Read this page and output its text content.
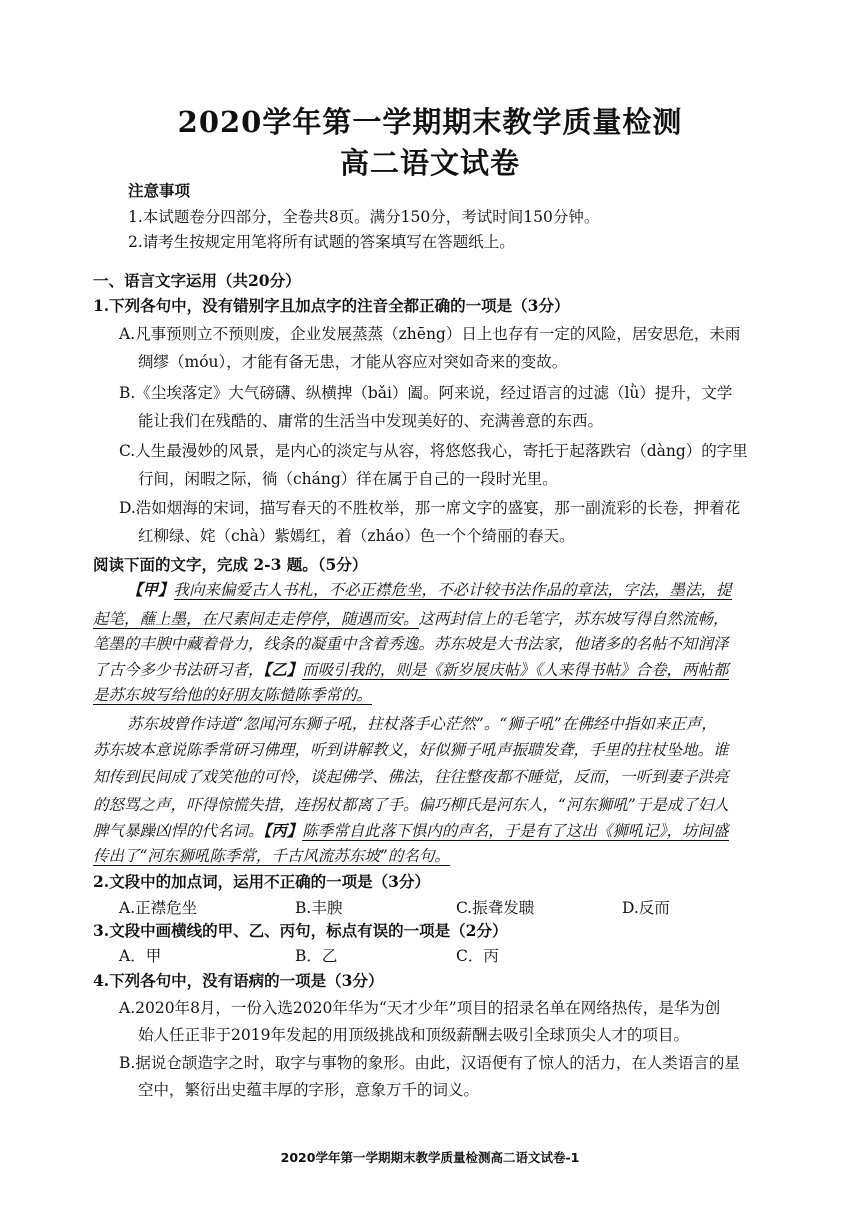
2020学年第一学期期末教学质量检测
高二语文试卷
注意事项
1.本试题卷分四部分，全卷共8页。满分150分，考试时间150分钟。
2.请考生按规定用笔将所有试题的答案填写在答题纸上。
一、语言文字运用（共20分）
1.下列各句中，没有错别字且加点字的注音全都正确的一项是（3分）
A.凡事预则立不预则废，企业发展蒸蒸（zhēng）日上也存有一定的风险，居安思危，未雨
绸缪（móu），才能有备无患，才能从容应对突如奇来的变故。
B.《尘埃落定》大气磅礴、纵横捭（bǎi）阖。阿来说，经过语言的过滤（lǜ）提升，文学
能让我们在残酷的、庸常的生活当中发现美好的、充满善意的东西。
C.人生最漫妙的风景，是内心的淡定与从容，将悠悠我心，寄托于起落跌宕（dàng）的字里
行间，闲暇之际，徜（cháng）徉在属于自己的一段时光里。
D.浩如烟海的宋词，描写春天的不胜枚举，那一席文字的盛宴，那一副流彩的长卷，押着花
红柳绿、姹（chà）紫嫣红，着（zháo）色一个个绮丽的春天。
阅读下面的文字，完成 2-3 题。（5分）
【甲】我向来偏爱古人书札，不必正襟危坐，不必计较书法作品的章法，字法，墨法，提
起笔，蘸上墨，在尺素间走走停停，随遇而安。这两封信上的毛笔字，苏东坡写得自然流畅，
笔墨的丰腴中藏着骨力，线条的凝重中含着秀逸。苏东坡是大书法家，他诸多的名帖不知润泽
了古今多少书法研习者，【乙】而吸引我的，则是《新岁展庆帖》《人来得书帖》合卷，两帖都
是苏东坡写给他的好朋友陈慥陈季常的。
苏东坡曾作诗道“忽闻河东狮子吼，拄杖落手心茫然”。“狮子吼”在佛经中指如来正声，
苏东坡本意说陈季常研习佛理，听到讲解教义，好似狮子吼声振聩发聋，手里的拄杖坠地。谁
知传到民间成了戏笑他的可怜，谈起佛学、佛法，往往整夜都不睡觉，反而，一听到妻子洪亮
的怒骂之声，吓得惊慌失措，连拐杖都离了手。偏巧柳氏是河东人，“河东狮吼”于是成了妇人
脾气暴躁凶悍的代名词。【丙】陈季常自此落下惧内的声名，于是有了这出《狮吼记》，坊间盛
传出了“河东狮吼陈季常，千古风流苏东坡”的名句。
2.文段中的加点词，运用不正确的一项是（3分）
A.正襟危坐	B.丰腴	C.振聋发聩	D.反而
3.文段中画横线的甲、乙、丙句，标点有误的一项是（2分）
A．甲	B．乙	C．丙
4.下列各句中，没有语病的一项是（3分）
A.2020年8月，一份入选2020年华为“天才少年”项目的招录名单在网络热传，是华为创
始人任正非于2019年发起的用顶级挑战和顶级薪酬去吸引全球顶尖人才的项目。
B.据说仓颉造字之时，取字与事物的象形。由此，汉语便有了惊人的活力，在人类语言的星
空中，繁衍出史蕴丰厚的字形，意象万千的词义。
2020学年第一学期期末教学质量检测高二语文试卷-1
